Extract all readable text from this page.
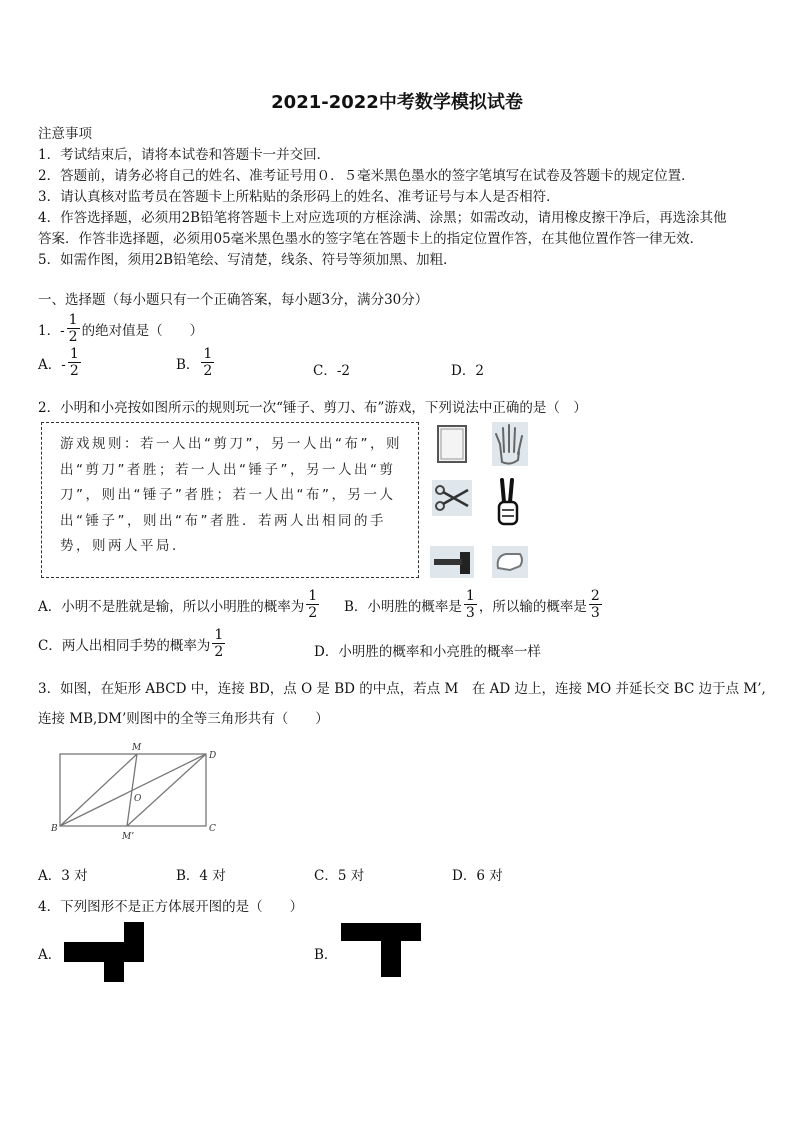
2021-2022中考数学模拟试卷
注意事项
1．考试结束后，请将本试卷和答题卡一并交回．
2．答题前，请务必将自己的姓名、准考证号用０．５毫米黑色墨水的签字笔填写在试卷及答题卡的规定位置．
3．请认真核对监考员在答题卡上所粘贴的条形码上的姓名、准考证号与本人是否相符．
4．作答选择题，必须用2B铅笔将答题卡上对应选项的方框涂满、涂黑；如需改动，请用橡皮擦干净后，再选涂其他
答案．作答非选择题，必须用05毫米黑色墨水的签字笔在答题卡上的指定位置作答，在其他位置作答一律无效．
5．如需作图，须用2B铅笔绘、写清楚，线条、符号等须加黑、加粗．
一、选择题（每小题只有一个正确答案，每小题3分，满分30分）
1．- $\frac{1}{2}$ 的绝对值是（　　）
A．- $\frac{1}{2}$	B． $\frac{1}{2}$	C．-2	D．2
2．小明和小亮按如图所示的规则玩一次“锤子、剪刀、布”游戏，下列说法中正确的是（　）
游戏规则：若一人出“剪刀”，另一人出“布”，则出“剪刀”者胜；若一人出“锤子”，另一人出“剪刀”，则出“锤子”者胜；若一人出“布”，另一人出“锤子”，则出“布”者胜．若两人出相同的手势，则两人平局．
A．小明不是胜就是输，所以小明胜的概率为 $\frac{1}{2}$ B．小明胜的概率是 $\frac{1}{3}$ ，所以输的概率是 $\frac{2}{3}$
C．两人出相同手势的概率为 $\frac{1}{2}$	D．小明胜的概率和小亮胜的概率一样
3．如图，在矩形 ABCD 中，连接 BD，点 O 是 BD 的中点，若点 M　在 AD 边上，连接 MO 并延长交 BC 边于点 M’,
连接 MB,DM’则图中的全等三角形共有（　　）
M
D
O
B	C
M’
A．3 对	B．4 对	C．5 对	D．6 对
4．下列图形不是正方体展开图的是（　　）
A．	B．
